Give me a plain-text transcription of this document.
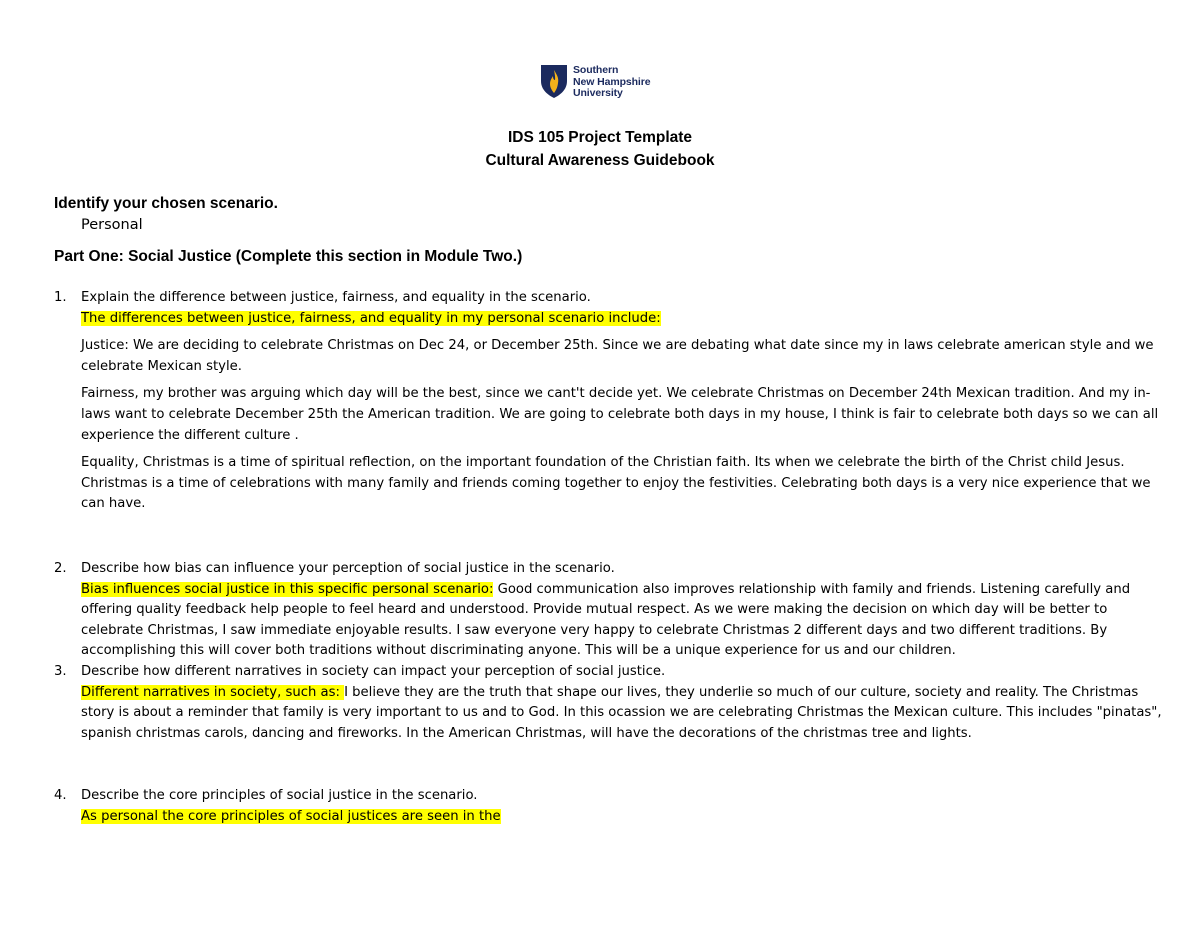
Southern
New Hampshire
University
IDS 105 Project Template
Cultural Awareness Guidebook
Identify your chosen scenario.
Personal
Part One: Social Justice (Complete this section in Module Two.)
1. Explain the difference between justice, fairness, and equality in the scenario.

The differences between justice, fairness, and equality in my personal scenario include:

Justice: We are deciding to celebrate Christmas on Dec 24, or December 25th. Since we are debating what date since my in laws celebrate american style and we celebrate Mexican style.

Fairness, my brother was arguing which day will be the best, since we cant't decide yet. We celebrate Christmas on December 24th Mexican tradition. And my in-laws want to celebrate December 25th the American tradition. We are going to celebrate both days in my house, I think is fair to celebrate both days so we can all experience the different culture .

Equality, Christmas is a time of spiritual reflection, on the important foundation of the Christian faith. Its when we celebrate the birth of the Christ child Jesus. Christmas is a time of celebrations with many family and friends coming together to enjoy the festivities. Celebrating both days is a very nice experience that we can have.

2. Describe how bias can influence your perception of social justice in the scenario.

Bias influences social justice in this specific personal scenario: Good communication also improves relationship with family and friends. Listening carefully and offering quality feedback help people to feel heard and understood. Provide mutual respect. As we were making the decision on which day will be better to celebrate Christmas, I saw immediate enjoyable results. I saw everyone very happy to celebrate Christmas 2 different days and two different traditions. By accomplishing this will cover both traditions without discriminating anyone. This will be a unique experience for us and our children.

3. Describe how different narratives in society can impact your perception of social justice.

Different narratives in society, such as: I believe they are the truth that shape our lives, they underlie so much of our culture, society and reality. The Christmas story is about a reminder that family is very important to us and to God. In this ocassion we are celebrating Christmas the Mexican culture. This includes "pinatas", spanish christmas carols, dancing and fireworks. In the American Christmas, will have the decorations of the christmas tree and lights.

4. Describe the core principles of social justice in the scenario.

As personal the core principles of social justices are seen in the
